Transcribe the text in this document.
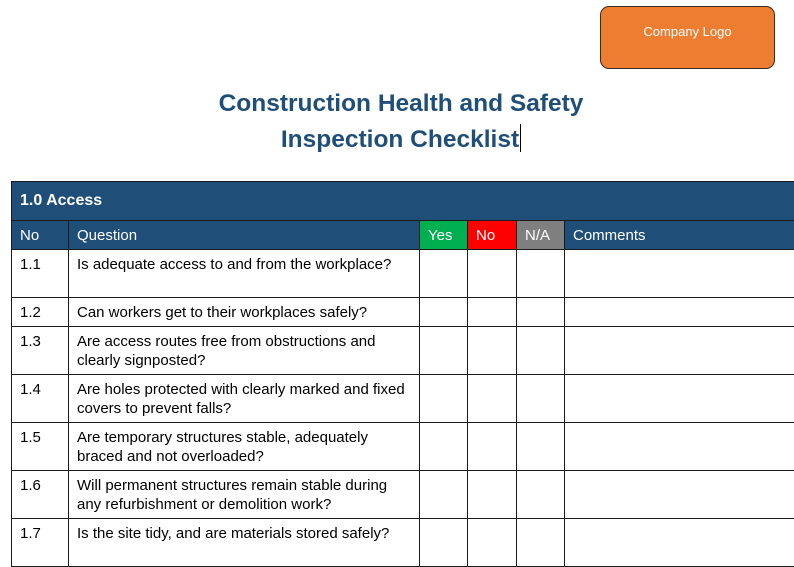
Company Logo
Construction Health and Safety
Inspection Checklist
1.0 Access					
No	Question	Yes	No	N/A	Comments
1.1	Is adequate access to and from the workplace?				
1.2	Can workers get to their workplaces safely?				
1.3	Are access routes free from obstructions and clearly signposted?				
1.4	Are holes protected with clearly marked and fixed covers to prevent falls?				
1.5	Are temporary structures stable, adequately braced and not overloaded?				
1.6	Will permanent structures remain stable during any refurbishment or demolition work?				
1.7	Is the site tidy, and are materials stored safely?				
